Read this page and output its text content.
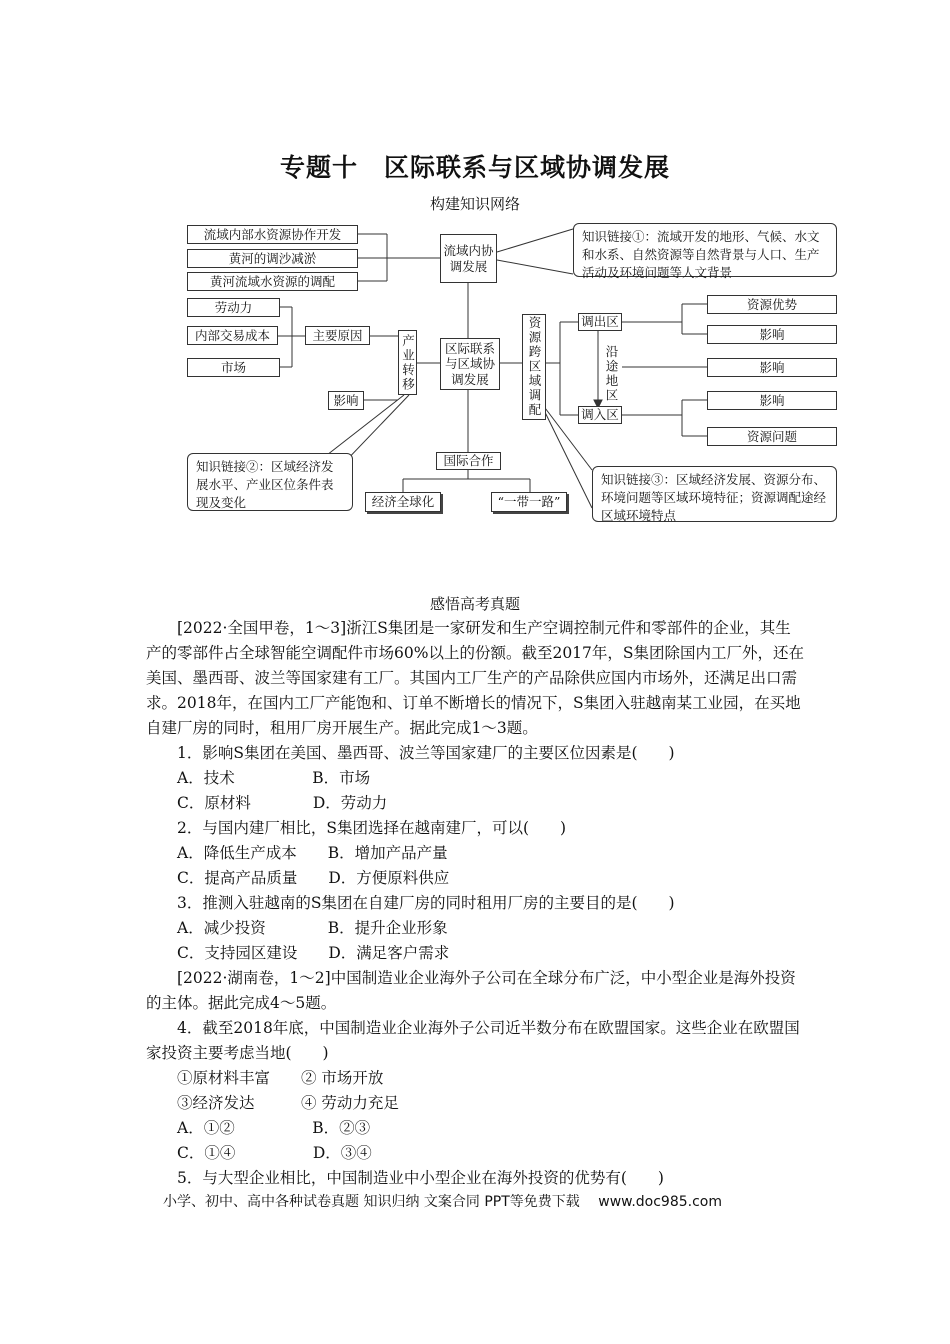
专题十　区际联系与区域协调发展
构建知识网络
流域内部水资源协作开发
黄河的调沙减淤
黄河流域水资源的调配
流域内协调发展
知识链接①：流域开发的地形、气候、水文和水系、自然资源等自然背景与人口、生产活动及环境问题等人文背景
劳动力
内部交易成本
市场
主要原因
影响
产业转移	区际联系与区域协调发展	资源跨区域调配	调出区
沿途地区
调入区
资源优势
影响
影响
影响
资源问题
知识链接②：区域经济发展水平、产业区位条件表现及变化
国际合作
经济全球化	“一带一路”
知识链接③：区域经济发展、资源分布、环境问题等区域环境特征；资源调配途经区域环境特点
感悟高考真题

[2022·全国甲卷，1～3]浙江S集团是一家研发和生产空调控制元件和零部件的企业，其生产的零部件占全球智能空调配件市场60%以上的份额。截至2017年，S集团除国内工厂外，还在美国、墨西哥、波兰等国家建有工厂。其国内工厂生产的产品除供应国内市场外，还满足出口需求。2018年，在国内工厂产能饱和、订单不断增长的情况下，S集团入驻越南某工业园，在买地自建厂房的同时，租用厂房开展生产。据此完成1～3题。

1．影响S集团在美国、墨西哥、波兰等国家建厂的主要区位因素是(　　)

A．技术　　　　　B．市场

C．原材料　　　　D．劳动力

2．与国内建厂相比，S集团选择在越南建厂，可以(　　)

A．降低生产成本　　B．增加产品产量

C．提高产品质量　　D．方便原料供应

3．推测入驻越南的S集团在自建厂房的同时租用厂房的主要目的是(　　)

A．减少投资　　　　B．提升企业形象

C．支持园区建设　　D．满足客户需求

[2022·湖南卷，1～2]中国制造业企业海外子公司在全球分布广泛，中小型企业是海外投资的主体。据此完成4～5题。

4．截至2018年底，中国制造业企业海外子公司近半数分布在欧盟国家。这些企业在欧盟国家投资主要考虑当地(　　)

①原材料丰富　　② 市场开放

③经济发达　　　④ 劳动力充足

A．①②　　　　　B．②③

C．①④　　　　　D．③④

5．与大型企业相比，中国制造业中小型企业在海外投资的优势有(　　)

小学、初中、高中各种试卷真题 知识归纳 文案合同 PPT等免费下载 www.doc985.com
